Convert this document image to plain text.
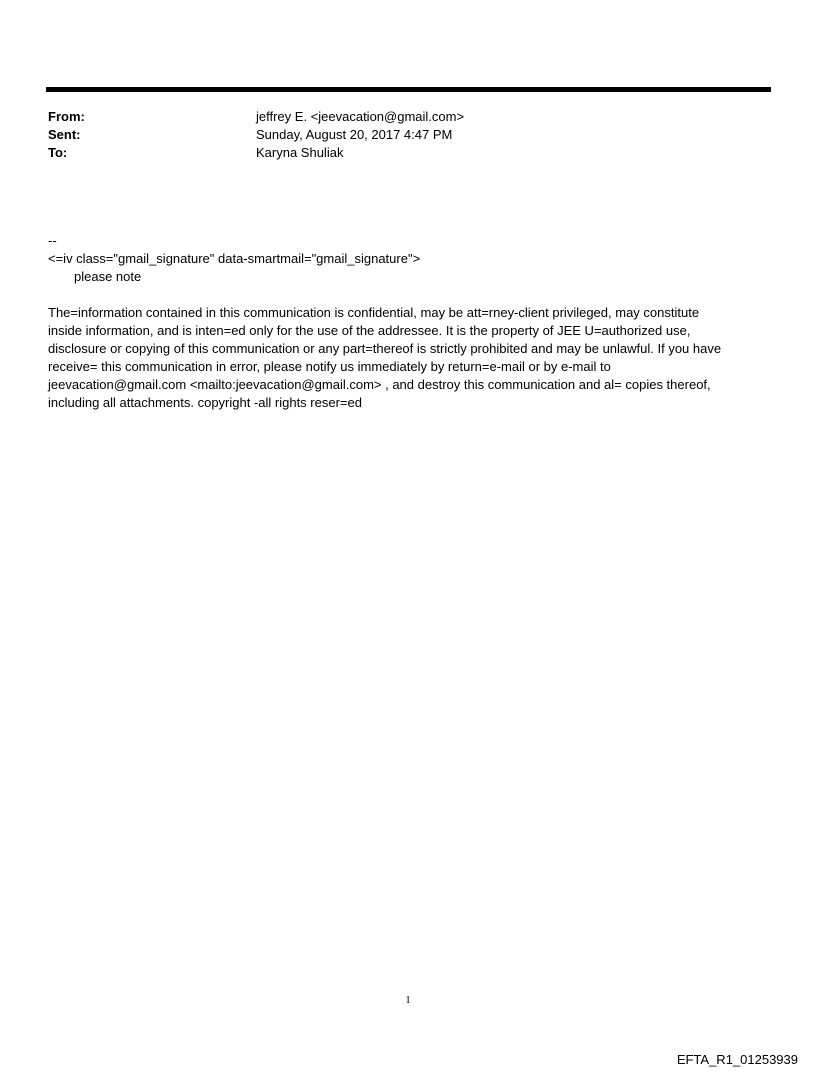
From:	jeffrey E. <jeevacation@gmail.com>
Sent:	Sunday, August 20, 2017 4:47 PM
To:	Karyna Shuliak
--
<=iv class="gmail_signature" data-smartmail="gmail_signature">
please note
The=information contained in this communication is confidential, may be att=rney-client privileged, may constitute
inside information, and is inten=ed only for the use of the addressee. It is the property of JEE U=authorized use,
disclosure or copying of this communication or any part=thereof is strictly prohibited and may be unlawful. If you have
receive= this communication in error, please notify us immediately by return=e-mail or by e-mail to
jeevacation@gmail.com <mailto:jeevacation@gmail.com> , and destroy this communication and al= copies thereof,
including all attachments. copyright -all rights reser=ed
1
EFTA_R1_01253939
